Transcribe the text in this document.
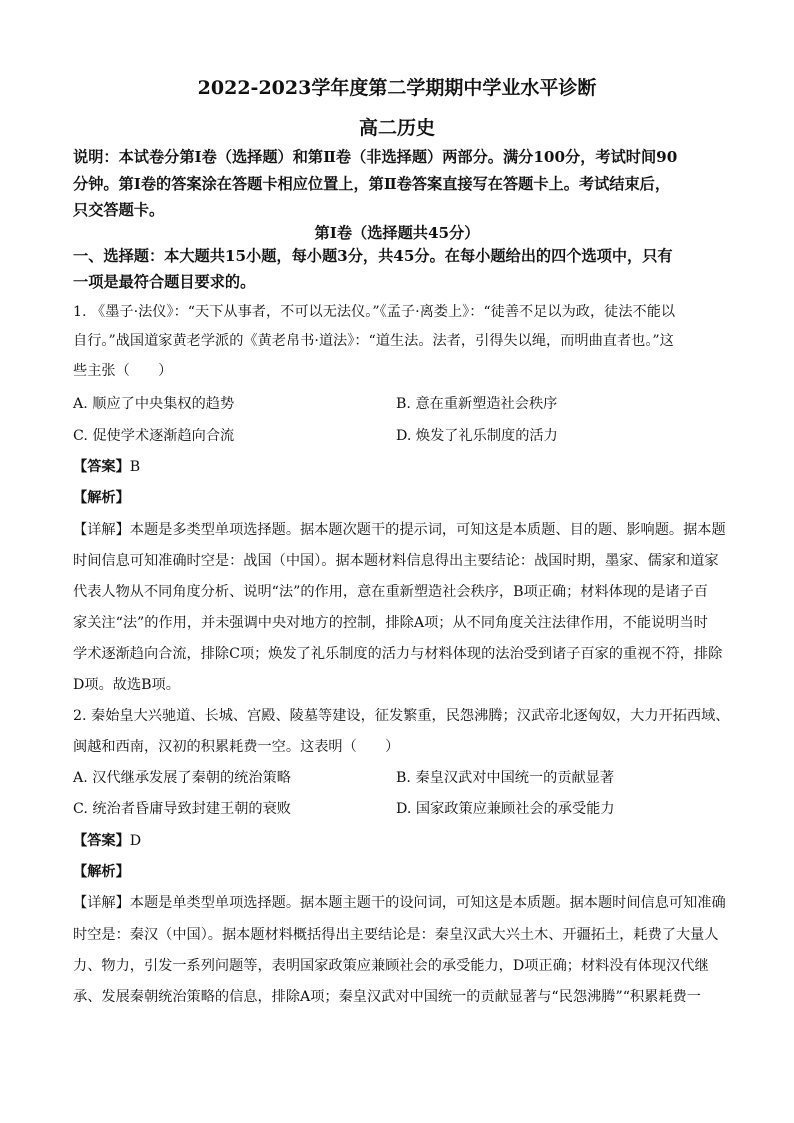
2022-2023学年度第二学期期中学业水平诊断
高二历史
说明：本试卷分第Ⅰ卷（选择题）和第Ⅱ卷（非选择题）两部分。满分100分，考试时间90
分钟。第Ⅰ卷的答案涂在答题卡相应位置上，第Ⅱ卷答案直接写在答题卡上。考试结束后，
只交答题卡。
第Ⅰ卷（选择题共45分）
一、选择题：本大题共15小题，每小题3分，共45分。在每小题给出的四个选项中，只有
一项是最符合题目要求的。
1. 《墨子·法仪》：“天下从事者，不可以无法仪。”《孟子·离娄上》：“徒善不足以为政，徒法不能以
自行。”战国道家黄老学派的《黄老帛书·道法》：“道生法。法者，引得失以绳，而明曲直者也。”这
些主张（　　）
A. 顺应了中央集权的趋势	B. 意在重新塑造社会秩序
C. 促使学术逐渐趋向合流	D. 焕发了礼乐制度的活力
【答案】B
【解析】
【详解】本题是多类型单项选择题。据本题次题干的提示词，可知这是本质题、目的题、影响题。据本题
时间信息可知准确时空是：战国（中国）。据本题材料信息得出主要结论：战国时期，墨家、儒家和道家
代表人物从不同角度分析、说明“法”的作用，意在重新塑造社会秩序，B项正确；材料体现的是诸子百
家关注“法”的作用，并未强调中央对地方的控制，排除A项；从不同角度关注法律作用，不能说明当时
学术逐渐趋向合流，排除C项；焕发了礼乐制度的活力与材料体现的法治受到诸子百家的重视不符，排除
D项。故选B项。
2. 秦始皇大兴驰道、长城、宫殿、陵墓等建设，征发繁重，民怨沸腾；汉武帝北逐匈奴，大力开拓西域、
闽越和西南，汉初的积累耗费一空。这表明（　　）
A. 汉代继承发展了秦朝的统治策略	B. 秦皇汉武对中国统一的贡献显著
C. 统治者昏庸导致封建王朝的衰败	D. 国家政策应兼顾社会的承受能力
【答案】D
【解析】
【详解】本题是单类型单项选择题。据本题主题干的设问词，可知这是本质题。据本题时间信息可知准确
时空是：秦汉（中国）。据本题材料概括得出主要结论是：秦皇汉武大兴土木、开疆拓土，耗费了大量人
力、物力，引发一系列问题等，表明国家政策应兼顾社会的承受能力，D项正确；材料没有体现汉代继
承、发展秦朝统治策略的信息，排除A项；秦皇汉武对中国统一的贡献显著与“民怨沸腾”“积累耗费一
